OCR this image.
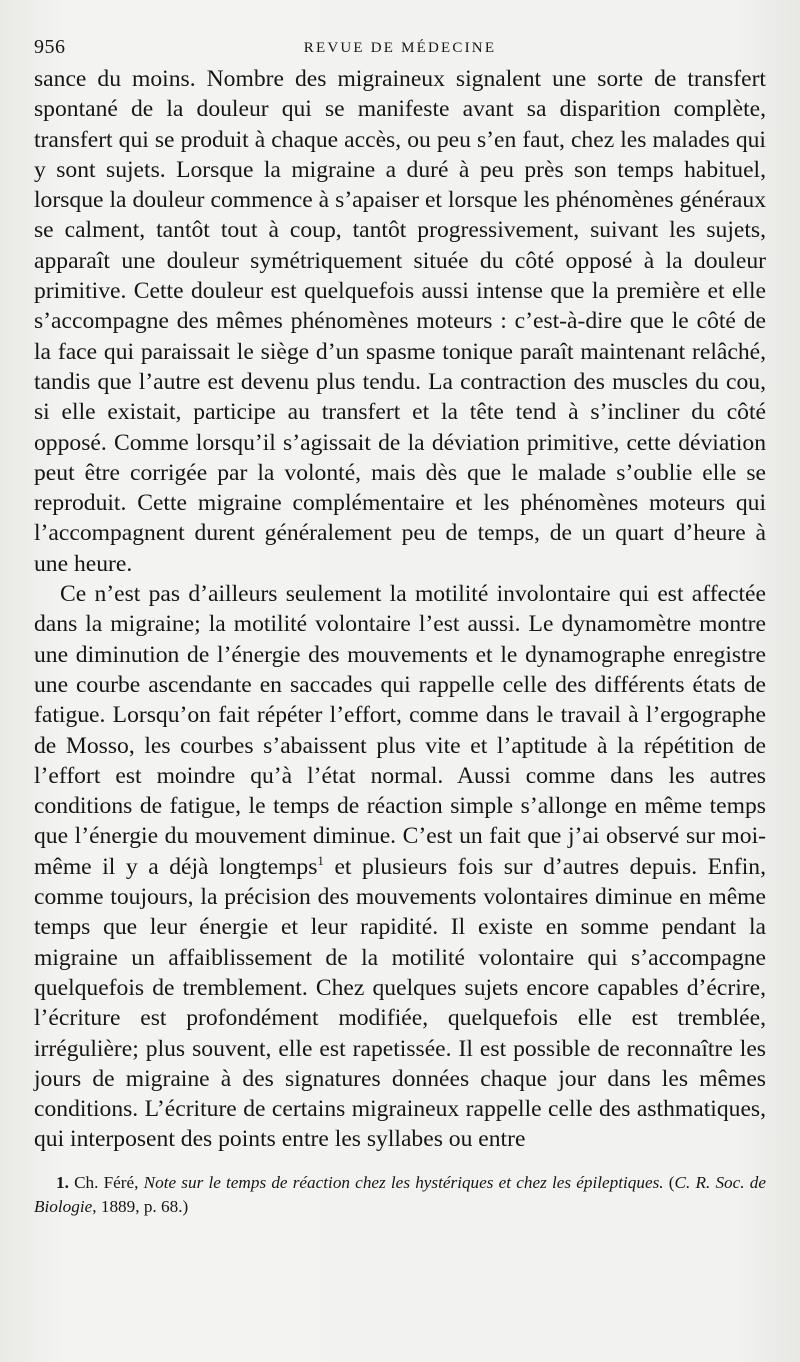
956	REVUE DE MÉDECINE

sance du moins. Nombre des migraineux signalent une sorte de transfert spontané de la douleur qui se manifeste avant sa disparition complète, transfert qui se produit à chaque accès, ou peu s’en faut, chez les malades qui y sont sujets. Lorsque la migraine a duré à peu près son temps habituel, lorsque la douleur commence à s’apaiser et lorsque les phénomènes généraux se calment, tantôt tout à coup, tantôt progressivement, suivant les sujets, apparaît une douleur symétriquement située du côté opposé à la douleur primitive. Cette douleur est quelquefois aussi intense que la première et elle s’accompagne des mêmes phénomènes moteurs : c’est-à-dire que le côté de la face qui paraissait le siège d’un spasme tonique paraît maintenant relâché, tandis que l’autre est devenu plus tendu. La contraction des muscles du cou, si elle existait, participe au transfert et la tête tend à s’incliner du côté opposé. Comme lorsqu’il s’agissait de la déviation primitive, cette déviation peut être corrigée par la volonté, mais dès que le malade s’oublie elle se reproduit. Cette migraine complémentaire et les phénomènes moteurs qui l’accompagnent durent généralement peu de temps, de un quart d’heure à une heure.

Ce n’est pas d’ailleurs seulement la motilité involontaire qui est affectée dans la migraine; la motilité volontaire l’est aussi. Le dynamomètre montre une diminution de l’énergie des mouvements et le dynamographe enregistre une courbe ascendante en saccades qui rappelle celle des différents états de fatigue. Lorsqu’on fait répéter l’effort, comme dans le travail à l’ergographe de Mosso, les courbes s’abaissent plus vite et l’aptitude à la répétition de l’effort est moindre qu’à l’état normal. Aussi comme dans les autres conditions de fatigue, le temps de réaction simple s’allonge en même temps que l’énergie du mouvement diminue. C’est un fait que j’ai observé sur moi-même il y a déjà longtemps$^1$ et plusieurs fois sur d’autres depuis. Enfin, comme toujours, la précision des mouvements volontaires diminue en même temps que leur énergie et leur rapidité. Il existe en somme pendant la migraine un affaiblissement de la motilité volontaire qui s’accompagne quelquefois de tremblement. Chez quelques sujets encore capables d’écrire, l’écriture est profondément modifiée, quelquefois elle est tremblée, irrégulière; plus souvent, elle est rapetissée. Il est possible de reconnaître les jours de migraine à des signatures données chaque jour dans les mêmes conditions. L’écriture de certains migraineux rappelle celle des asthmatiques, qui interposent des points entre les syllabes ou entre

1. Ch. Féré, Note sur le temps de réaction chez les hystériques et chez les épileptiques. (C. R. Soc. de Biologie, 1889, p. 68.)
